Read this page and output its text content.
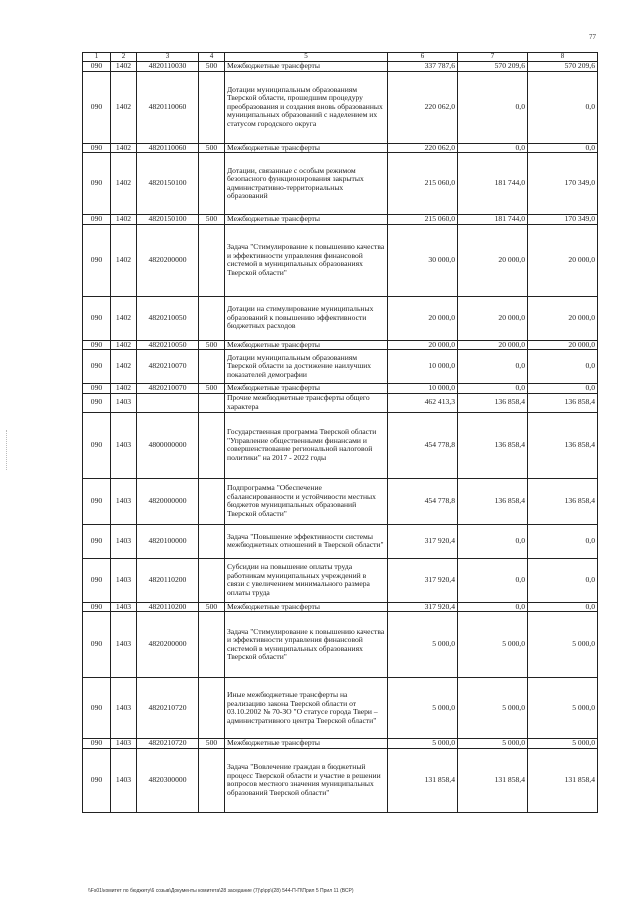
77
1	2	3	4	5	6	7	8
090	1402	4820110030	500	Межбюджетные трансферты	337 787,6	570 209,6	570 209,6
090	1402	4820110060		Дотации муниципальным образованиям Тверской области, прошедшим процедуру преобразования и создания вновь образованных муниципальных образований с наделением их статусом городского округа	220 062,0	0,0	0,0
090	1402	4820110060	500	Межбюджетные трансферты	220 062,0	0,0	0,0
090	1402	4820150100		Дотации, связанные с особым режимом безопасного функционирования закрытых административно-территориальных образований	215 060,0	181 744,0	170 349,0
090	1402	4820150100	500	Межбюджетные трансферты	215 060,0	181 744,0	170 349,0
090	1402	4820200000		Задача "Стимулирование к повышению качества и эффективности управления финансовой системой в муниципальных образованиях Тверской области"	30 000,0	20 000,0	20 000,0
090	1402	4820210050		Дотации на стимулирование муниципальных образований к повышению эффективности бюджетных расходов	20 000,0	20 000,0	20 000,0
090	1402	4820210050	500	Межбюджетные трансферты	20 000,0	20 000,0	20 000,0
090	1402	4820210070		Дотации муниципальным образованиям Тверской области за достижение наилучших показателей демографии	10 000,0	0,0	0,0
090	1402	4820210070	500	Межбюджетные трансферты	10 000,0	0,0	0,0
090	1403			Прочие межбюджетные трансферты общего характера	462 413,3	136 858,4	136 858,4
090	1403	4800000000		Государственная программа Тверской области "Управление общественными финансами и совершенствование региональной налоговой политики" на 2017 - 2022 годы	454 778,8	136 858,4	136 858,4
090	1403	4820000000		Подпрограмма "Обеспечение сбалансированности и устойчивости местных бюджетов муниципальных образований Тверской области"	454 778,8	136 858,4	136 858,4
090	1403	4820100000		Задача "Повышение эффективности системы межбюджетных отношений в Тверской области"	317 920,4	0,0	0,0
090	1403	4820110200		Субсидии на повышение оплаты труда работникам муниципальных учреждений в связи с увеличением минимального размера оплаты труда	317 920,4	0,0	0,0
090	1403	4820110200	500	Межбюджетные трансферты	317 920,4	0,0	0,0
090	1403	4820200000		Задача "Стимулирование к повышению качества и эффективности управления финансовой системой в муниципальных образованиях Тверской области"	5 000,0	5 000,0	5 000,0
090	1403	4820210720		Иные межбюджетные трансферты на реализацию закона Тверской области от 03.10.2002 № 70-ЗО "О статусе города Твери – административного центра Тверской области"	5 000,0	5 000,0	5 000,0
090	1403	4820210720	500	Межбюджетные трансферты	5 000,0	5 000,0	5 000,0
090	1403	4820300000		Задача "Вовлечение граждан в бюджетный процесс Тверской области и участие в решении вопросов местного значения муниципальных образований Тверской области"	131 858,4	131 858,4	131 858,4
\\Fs01\комитет по бюджету\6 созыв\Документы комитета\28 заседание (7)\р\рр\(28) 544-П-П\Прил 5 Прил 11 (ВСР)
